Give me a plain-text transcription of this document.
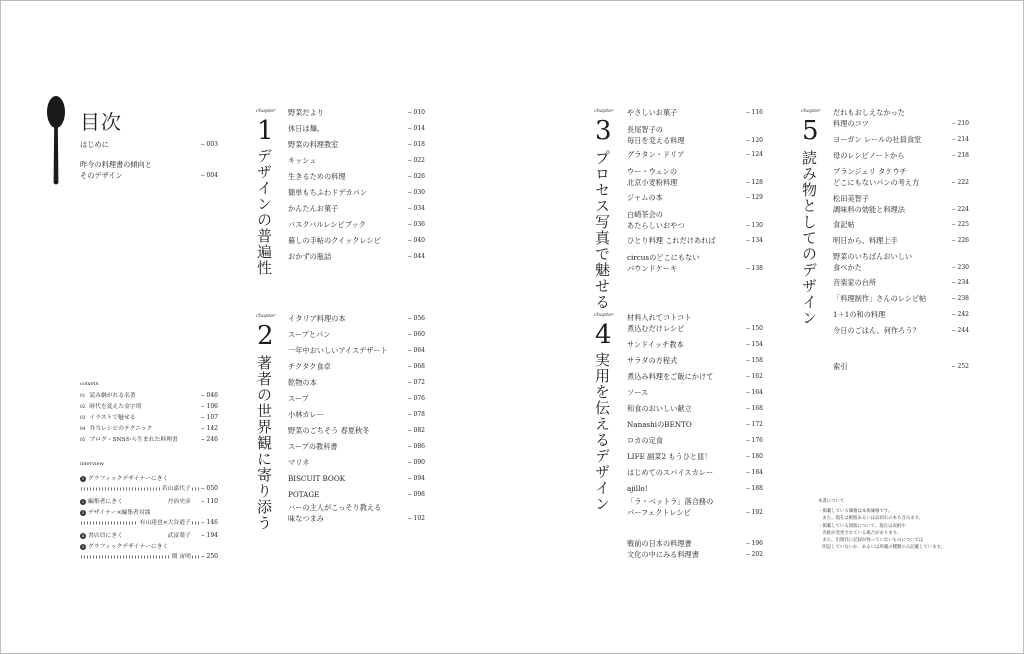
目次
はじめに	‒ 003
昨今の料理書の傾向と
そのデザイン	‒ 004
column
01 読み継がれる名著	‒ 046
02 時代を変えた金字塔	‒ 106
03 イラストで魅せる	‒ 107
04 弁当レシピのテクニック	‒ 142
05 ブログ・SNSから生まれた料理書	‒ 246
interview
1 グラフィックデザイナーにきく
若山嘉代子 ‒ 050
2 編集者にきく	丹治史彦 ‒ 110
3 デザイナー×編集者対談
有山達也×大谷道子 ‒ 146
4 書店員にきく	武富葉子 ‒ 194
5 グラフィックデザイナーにきく
関 宙明 ‒ 250
chapter
1
デザインの普遍性
野菜だより	‒ 010
休日は麺。	‒ 014
野菜の料理教室	‒ 018
キッシュ	‒ 022
生きるための料理	‒ 026
簡単もちふわドデカパン	‒ 030
かんたんお菓子	‒ 034
バスクバルレシピブック	‒ 036
暮しの手帖のクイックレシピ	‒ 040
おかずの瓶詰	‒ 044
chapter
2
著者の世界観に寄り添う
イタリア料理の本	‒ 056
スープとパン	‒ 060
一年中おいしいアイスデザート	‒ 064
チクタク食卓	‒ 068
乾物の本	‒ 072
スープ	‒ 076
小林カレー	‒ 078
野菜のごちそう 春夏秋冬	‒ 082
スープの教科書	‒ 086
マリネ	‒ 090
BISCUIT BOOK	‒ 094
POTAGE	‒ 098
バーの主人がこっそり教える
味なつまみ	‒ 102
chapter
3
プロセス写真で魅せる
やさしいお菓子	‒ 116
長尾智子の
毎日を変える料理	‒ 120
グラタン・ドリア	‒ 124
ウー・ウェンの
北京小麦粉料理	‒ 128
ジャムの本	‒ 129
白崎茶会の
あたらしいおやつ	‒ 130
ひとり料理 これだけあれば	‒ 134
circusのどこにもない
パウンドケーキ	‒ 138
chapter
4
実用を伝えるデザイン
材料入れてコトコト
煮込むだけレシピ	‒ 150
サンドイッチ教本	‒ 154
サラダの方程式	‒ 158
煮込み料理をご飯にかけて	‒ 162
ソース	‒ 164
和食のおいしい献立	‒ 168
NanashiのBENTO	‒ 172
ロカの定食	‒ 176
LIFE 副菜2 もうひと皿！	‒ 180
はじめてのスパイスカレー	‒ 184
ajillo!	‒ 188
「ラ・ベットラ」落合務の
パーフェクトレシピ	‒ 192
戦前の日本の料理書	‒ 196
文化の中にみる料理書	‒ 202
chapter
5
読み物としてのデザイン
だれもおしえなかった
料理のコツ	‒ 210
ヨーガン レールの社員食堂	‒ 214
母のレシピノートから	‒ 218
ブランジェリ タケウチ
どこにもないパンの考え方	‒ 222
松田美智子
調味料の効能と料理法	‒ 224
食記帖	‒ 225
明日から、料理上手	‒ 226
野菜のいちばんおいしい
食べかた	‒ 230
音楽家の台所	‒ 234
「料理制作」さんのレシピ帖	‒ 238
1＋1の和の料理	‒ 242
今日のごはん、何作ろう？	‒ 244
索引	‒ 252
本書について
・掲載している価格は本体価格です。
　また、現在は絶版あるいは品切れの本も含みます。
・掲載している図版について、現在は表紙や
　名称が変更されている場合があります。
　また、出版社に記録が残っていないものについては
　明記していないか、あるいは所蔵の種類のみ記載しています。
